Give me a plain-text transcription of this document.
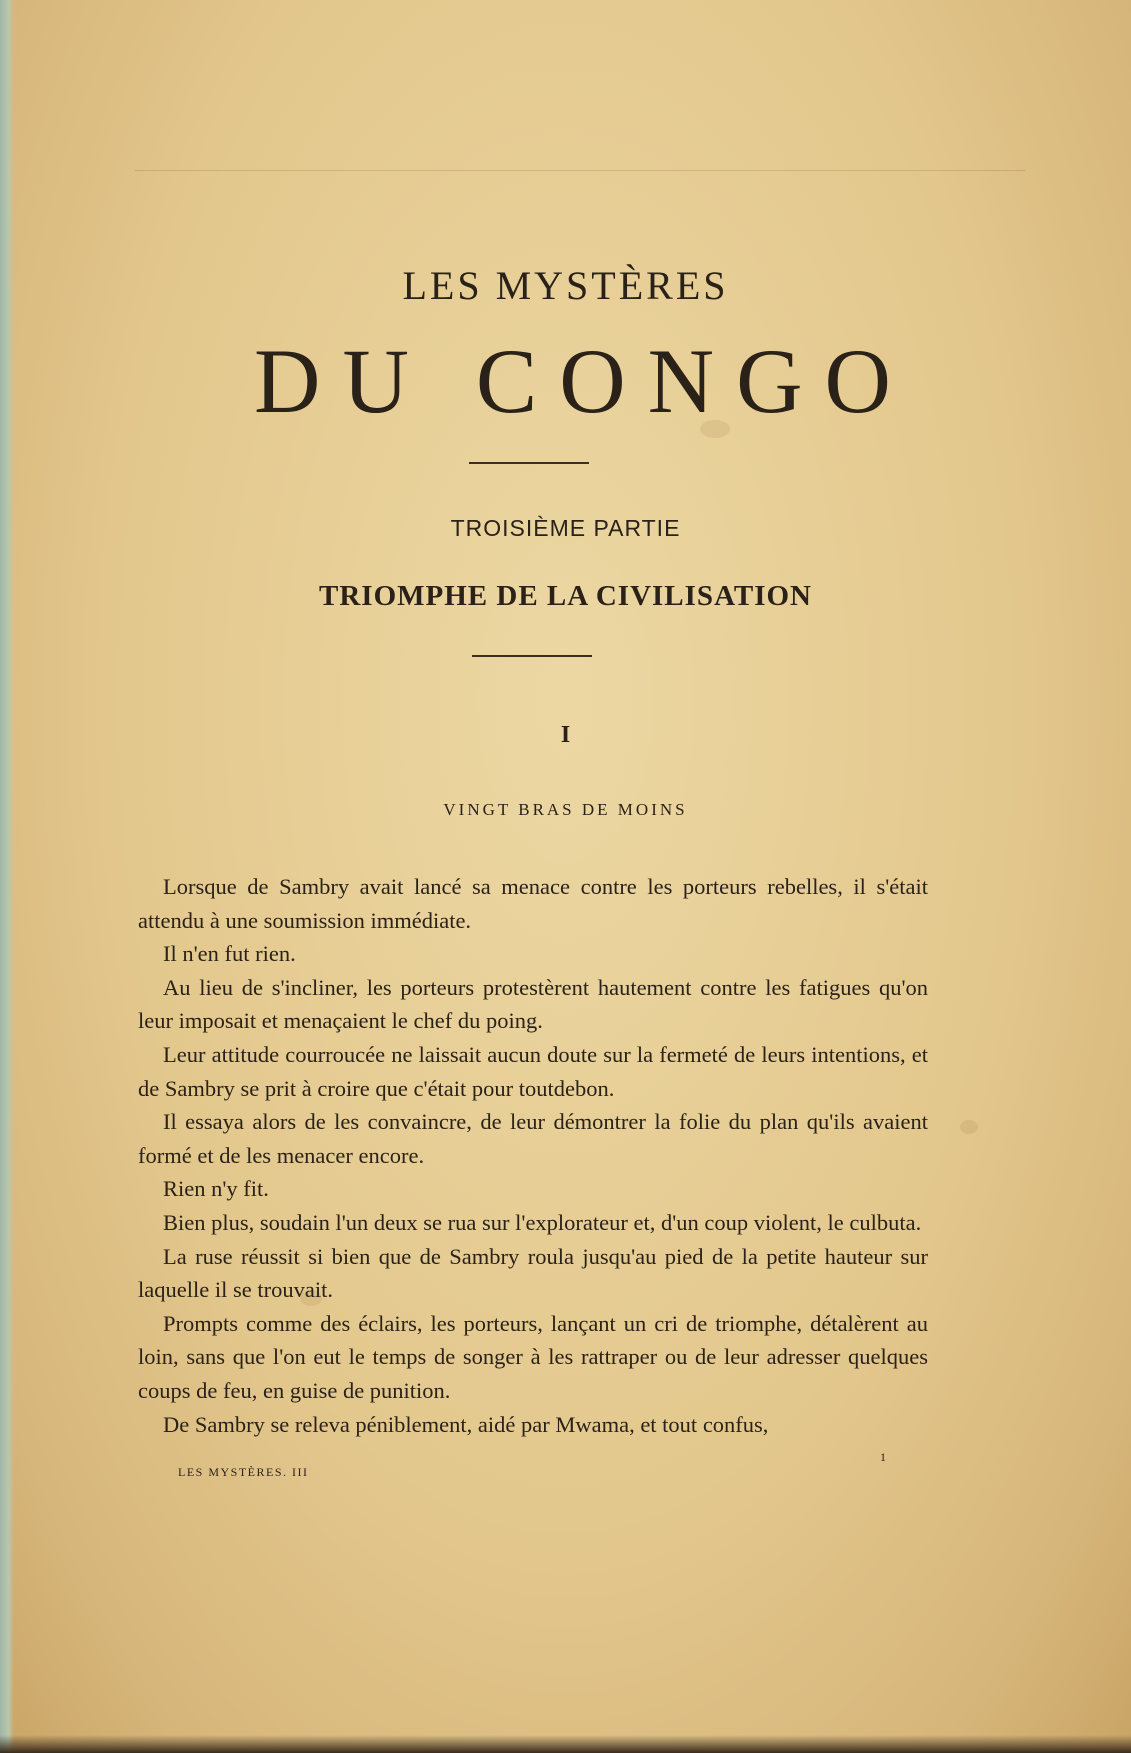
LES MYSTÈRES
DU CONGO
TROISIÈME PARTIE
TRIOMPHE DE LA CIVILISATION
I
VINGT BRAS DE MOINS

Lorsque de Sambry avait lancé sa menace contre les porteurs rebelles, il s'était attendu à une soumission immédiate.

Il n'en fut rien.

Au lieu de s'incliner, les porteurs protestèrent hautement contre les fatigues qu'on leur imposait et menaçaient le chef du poing.

Leur attitude courroucée ne laissait aucun doute sur la fermeté de leurs intentions, et de Sambry se prit à croire que c'était pour toutdebon.

Il essaya alors de les convaincre, de leur démontrer la folie du plan qu'ils avaient formé et de les menacer encore.

Rien n'y fit.

Bien plus, soudain l'un deux se rua sur l'explorateur et, d'un coup violent, le culbuta.

La ruse réussit si bien que de Sambry roula jusqu'au pied de la petite hauteur sur laquelle il se trouvait.

Prompts comme des éclairs, les porteurs, lançant un cri de triomphe, détalèrent au loin, sans que l'on eut le temps de songer à les rattraper ou de leur adresser quelques coups de feu, en guise de punition.

De Sambry se releva péniblement, aidé par Mwama, et tout confus,

LES MYSTÈRES. III
1
